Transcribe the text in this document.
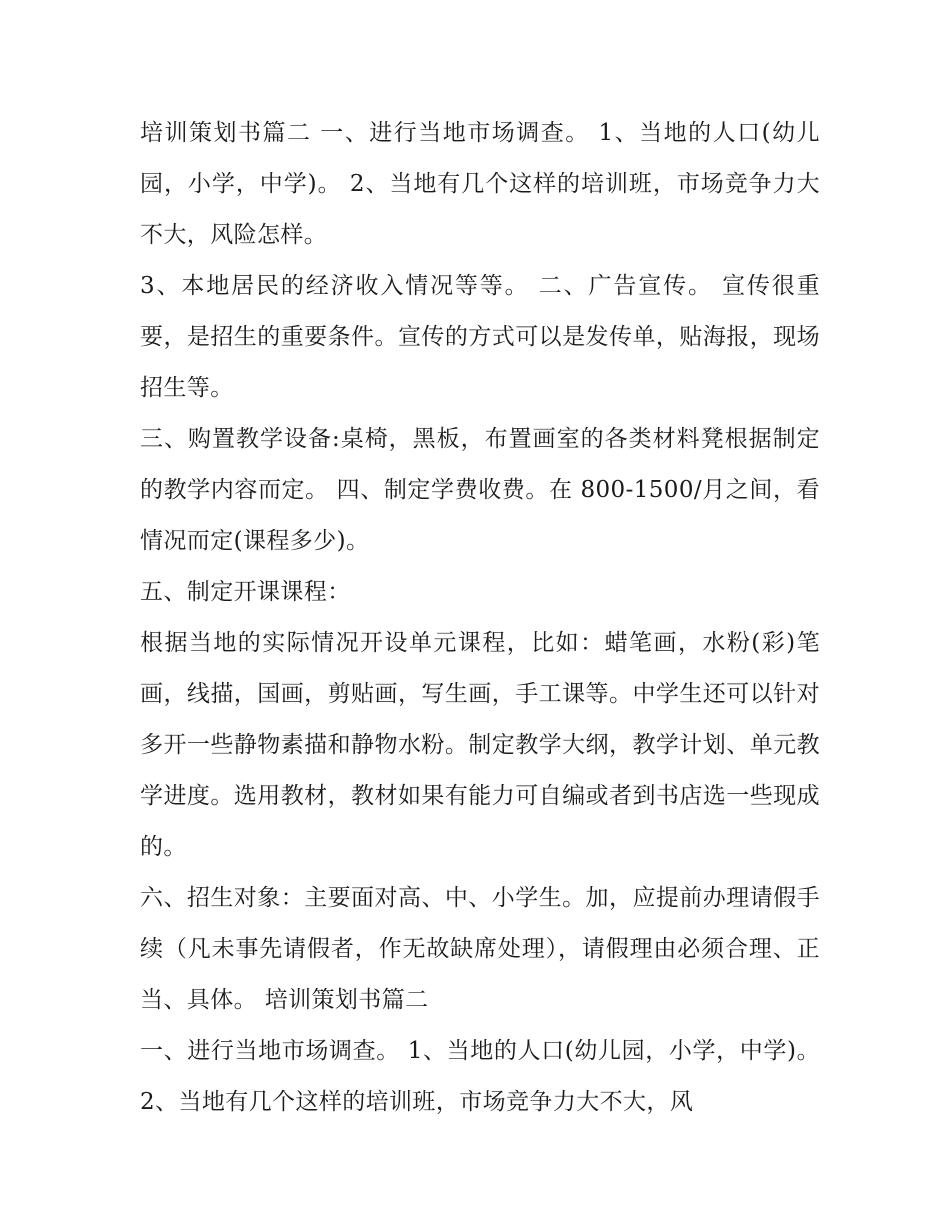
培训策划书篇二 一、进行当地市场调查。 1、当地的人口(幼儿园，小学，中学)。 2、当地有几个这样的培训班，市场竞争力大不大，风险怎样。

3、本地居民的经济收入情况等等。 二、广告宣传。 宣传很重要，是招生的重要条件。宣传的方式可以是发传单，贴海报，现场招生等。

三、购置教学设备:桌椅，黑板，布置画室的各类材料凳根据制定的教学内容而定。 四、制定学费收费。在 800-1500/月之间，看情况而定(课程多少)。

五、制定开课课程：

根据当地的实际情况开设单元课程，比如：蜡笔画，水粉(彩)笔画，线描，国画，剪贴画，写生画，手工课等。中学生还可以针对多开一些静物素描和静物水粉。制定教学大纲，教学计划、单元教学进度。选用教材，教材如果有能力可自编或者到书店选一些现成的。

六、招生对象：主要面对高、中、小学生。加，应提前办理请假手续（凡未事先请假者，作无故缺席处理），请假理由必须合理、正当、具体。 培训策划书篇二

一、进行当地市场调查。 1、当地的人口(幼儿园，小学，中学)。 2、当地有几个这样的培训班，市场竞争力大不大，风
